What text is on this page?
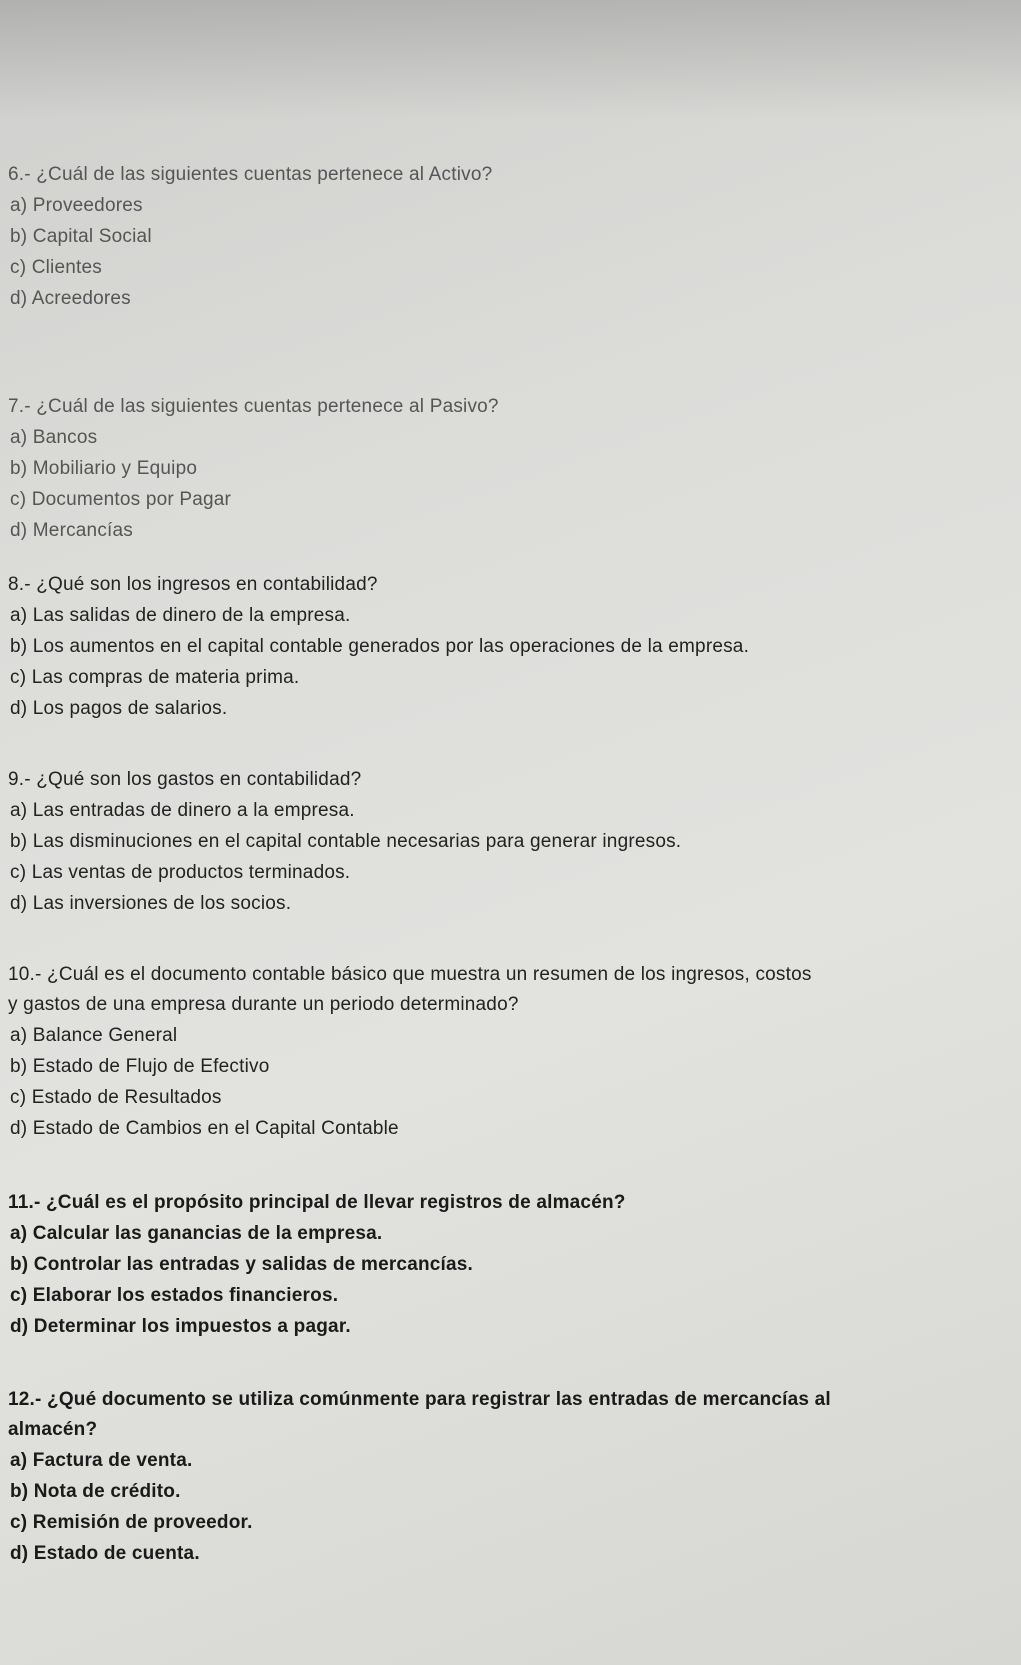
6.- ¿Cuál de las siguientes cuentas pertenece al Activo?

a) Proveedores

b) Capital Social

c) Clientes

d) Acreedores

7.- ¿Cuál de las siguientes cuentas pertenece al Pasivo?

a) Bancos

b) Mobiliario y Equipo

c) Documentos por Pagar

d) Mercancías

8.- ¿Qué son los ingresos en contabilidad?

a) Las salidas de dinero de la empresa.

b) Los aumentos en el capital contable generados por las operaciones de la empresa.

c) Las compras de materia prima.

d) Los pagos de salarios.

9.- ¿Qué son los gastos en contabilidad?

a) Las entradas de dinero a la empresa.

b) Las disminuciones en el capital contable necesarias para generar ingresos.

c) Las ventas de productos terminados.

d) Las inversiones de los socios.

10.- ¿Cuál es el documento contable básico que muestra un resumen de los ingresos, costos

y gastos de una empresa durante un periodo determinado?

a) Balance General

b) Estado de Flujo de Efectivo

c) Estado de Resultados

d) Estado de Cambios en el Capital Contable

11.- ¿Cuál es el propósito principal de llevar registros de almacén?

a) Calcular las ganancias de la empresa.

b) Controlar las entradas y salidas de mercancías.

c) Elaborar los estados financieros.

d) Determinar los impuestos a pagar.

12.- ¿Qué documento se utiliza comúnmente para registrar las entradas de mercancías al

almacén?

a) Factura de venta.

b) Nota de crédito.

c) Remisión de proveedor.

d) Estado de cuenta.
